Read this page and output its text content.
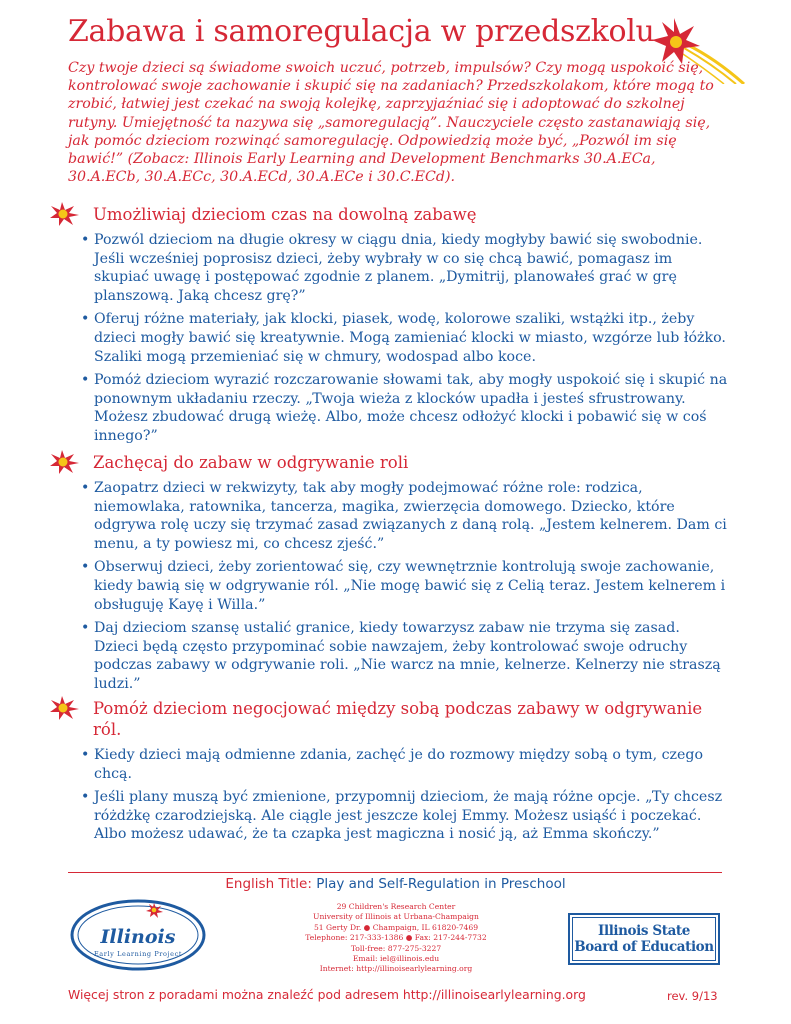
Zabawa i samoregulacja w przedszkolu

Czy twoje dzieci są świadome swoich uczuć, potrzeb, impulsów? Czy mogą uspokoić się, kontrolować swoje zachowanie i skupić się na zadaniach? Przedszkolakom, które mogą to zrobić, łatwiej jest czekać na swoją kolejkę, zaprzyjaźniać się i adoptować do szkolnej rutyny. Umiejętność ta nazywa się „samoregulacją”. Nauczyciele często zastanawiają się, jak pomóc dzieciom rozwinąć samoregulację. Odpowiedzią może być, „Pozwól im się bawić!” (Zobacz: Illinois Early Learning and Development Benchmarks 30.A.ECa, 30.A.ECb, 30.A.ECc, 30.A.ECd, 30.A.ECe i 30.C.ECd).

Umożliwiaj dzieciom czas na dowolną zabawę
• Pozwól dzieciom na długie okresy w ciągu dnia, kiedy mogłyby bawić się swobodnie. Jeśli wcześniej poprosisz dzieci, żeby wybrały w co się chcą bawić, pomagasz im skupiać uwagę i postępować zgodnie z planem. „Dymitrij, planowałeś grać w grę planszową. Jaką chcesz grę?”
• Oferuj różne materiały, jak klocki, piasek, wodę, kolorowe szaliki, wstążki itp., żeby dzieci mogły bawić się kreatywnie. Mogą zamieniać klocki w miasto, wzgórze lub łóżko. Szaliki mogą przemieniać się w chmury, wodospad albo koce.
• Pomóż dzieciom wyrazić rozczarowanie słowami tak, aby mogły uspokoić się i skupić na ponownym układaniu rzeczy. „Twoja wieża z klocków upadła i jesteś sfrustrowany. Możesz zbudować drugą wieżę. Albo, może chcesz odłożyć klocki i pobawić się w coś innego?”
Zachęcaj do zabaw w odgrywanie roli
• Zaopatrz dzieci w rekwizyty, tak aby mogły podejmować różne role: rodzica, niemowlaka, ratownika, tancerza, magika, zwierzęcia domowego. Dziecko, które odgrywa rolę uczy się trzymać zasad związanych z daną rolą. „Jestem kelnerem. Dam ci menu, a ty powiesz mi, co chcesz zjeść.”
• Obserwuj dzieci, żeby zorientować się, czy wewnętrznie kontrolują swoje zachowanie, kiedy bawią się w odgrywanie ról. „Nie mogę bawić się z Celią teraz. Jestem kelnerem i obsługuję Kayę i Willa.”
• Daj dzieciom szansę ustalić granice, kiedy towarzysz zabaw nie trzyma się zasad. Dzieci będą często przypominać sobie nawzajem, żeby kontrolować swoje odruchy podczas zabawy w odgrywanie roli. „Nie warcz na mnie, kelnerze. Kelnerzy nie straszą ludzi.”
Pomóż dzieciom negocjować między sobą podczas zabawy w odgrywanie ról.
• Kiedy dzieci mają odmienne zdania, zachęć je do rozmowy między sobą o tym, czego chcą.
• Jeśli plany muszą być zmienione, przypomnij dzieciom, że mają różne opcje. „Ty chcesz różdżkę czarodziejską. Ale ciągle jest jeszcze kolej Emmy. Możesz usiąść i poczekać. Albo możesz udawać, że ta czapka jest magiczna i nosić ją, aż Emma skończy.”
English Title: Play and Self-Regulation in Preschool
Illinois
Early Learning Project
29 Children's Research Center
University of Illinois at Urbana-Champaign
51 Gerty Dr. ● Champaign, IL 61820-7469
Telephone: 217-333-1386 ● Fax: 217-244-7732
Toll-free: 877-275-3227
Email: iel@illinois.edu
Internet: http://illinoisearlylearning.org
Illinois State
Board of Education

Więcej stron z poradami można znaleźć pod adresem http://illinoisearlylearning.org	rev. 9/13
